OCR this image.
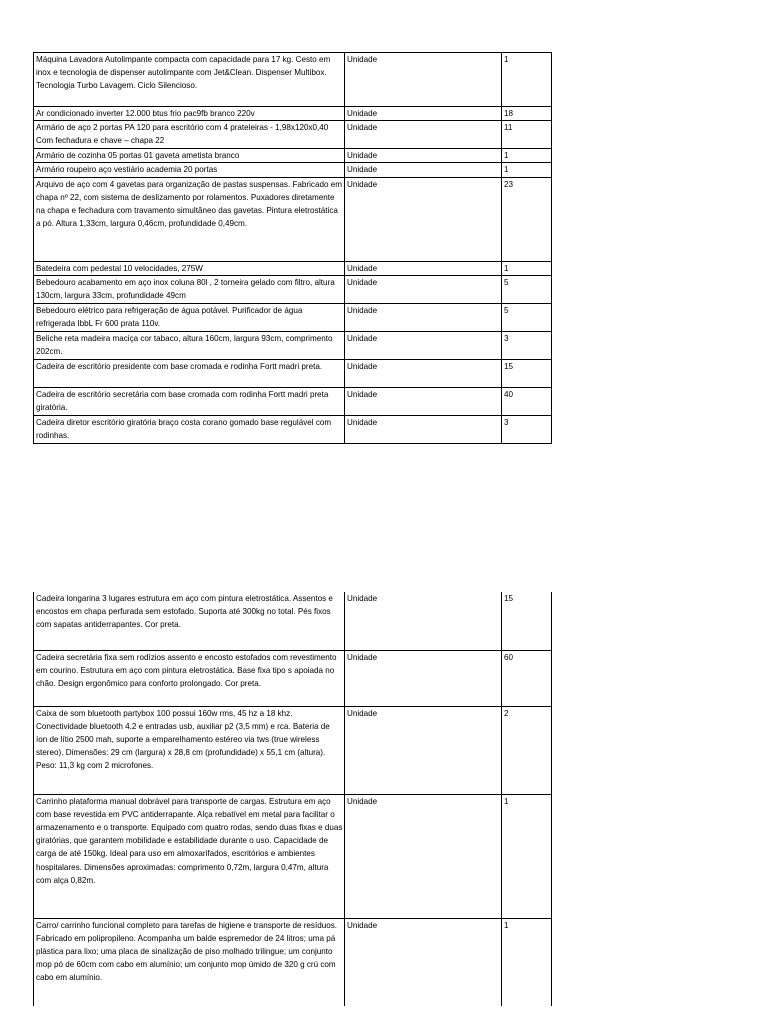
Máquina Lavadora Autolimpante compacta com capacidade para 17 kg. Cesto em inox e tecnologia de dispenser autolimpante com Jet&Clean. Dispenser Multibox. Tecnologia Turbo Lavagem. Ciclo Silencioso.	Unidade	1
Ar condicionado inverter 12.000 btus frio pac9fb branco 220v	Unidade	18
Armário de aço 2 portas PA 120 para escritório com 4 prateleiras - 1,98x120x0,40 Com fechadura e chave – chapa 22	Unidade	11
Armário de cozinha 05 portas 01 gaveta ametista branco	Unidade	1
Armário roupeiro aço vestiário academia 20 portas	Unidade	1
Arquivo de aço com 4 gavetas para organização de pastas suspensas. Fabricado em chapa nº 22, com sistema de deslizamento por rolamentos. Puxadores diretamente na chapa e fechadura com travamento simultâneo das gavetas. Pintura eletrostática a pó. Altura 1,33cm, largura 0,46cm, profundidade 0,49cm.	Unidade	23
Batedeira com pedestal 10 velocidades, 275W	Unidade	1
Bebedouro acabamento em aço inox coluna 80l , 2 torneira gelado com filtro, altura 130cm, largura 33cm, profundidade 49cm	Unidade	5
Bebedouro elétrico para refrigeração de água potável. Purificador de água refrigerada IbbL Fr 600 prata 110v.	Unidade	5
Beliche reta madeira maciça cor tabaco, altura 160cm, largura 93cm, comprimento 202cm.	Unidade	3
Cadeira de escritório presidente com base cromada e rodinha Fortt madri preta.	Unidade	15
Cadeira de escritório secretária com base cromada com rodinha Fortt madri preta giratória.	Unidade	40
Cadeira diretor escritório giratória braço costa corano gomado base regulável com rodinhas.	Unidade	3
Cadeira longarina 3 lugares estrutura em aço com pintura eletrostática. Assentos e encostos em chapa perfurada sem estofado. Suporta até 300kg no total. Pés fixos com sapatas antiderrapantes. Cor preta.	Unidade	15
Cadeira secretária fixa sem rodízios assento e encosto estofados com revestimento em courino. Estrutura em aço com pintura eletrostática. Base fixa tipo s apoiada no chão. Design ergonômico para conforto prolongado. Cor preta.	Unidade	60
Caixa de som bluetooth partybox 100 possui 160w rms, 45 hz a 18 khz. Conectividade bluetooth 4.2 e entradas usb, auxiliar p2 (3,5 mm) e rca. Bateria de íon de lítio 2500 mah, suporte a emparelhamento estéreo via tws (true wireless stereo). Dimensões: 29 cm (largura) x 28,8 cm (profundidade) x 55,1 cm (altura). Peso: 11,3 kg com 2 microfones.	Unidade	2
Carrinho plataforma manual dobrável para transporte de cargas. Estrutura em aço com base revestida em PVC antiderrapante. Alça rebatível em metal para facilitar o armazenamento e o transporte. Equipado com quatro rodas, sendo duas fixas e duas giratórias, que garantem mobilidade e estabilidade durante o uso. Capacidade de carga de até 150kg. Ideal para uso em almoxarifados, escritórios e ambientes hospitalares. Dimensões aproximadas: comprimento 0,72m, largura 0,47m, altura com alça 0,82m.	Unidade	1
Carro/ carrinho funcional completo para tarefas de higiene e transporte de resíduos. Fabricado em polipropileno. Acompanha um balde espremedor de 24 litros; uma pá plástica para lixo; uma placa de sinalização de piso molhado trilingue; um conjunto mop pó de 60cm com cabo em alumínio; um conjunto mop úmido de 320 g crú com cabo em alumínio.	Unidade	1
